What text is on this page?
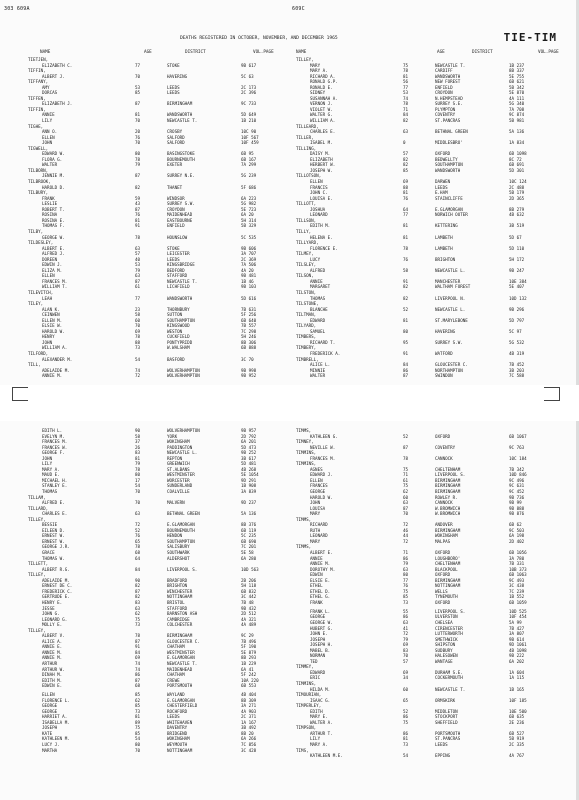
303 609A	609C
DEATHS REGISTERED IN OCTOBER, NOVEMBER, AND DECEMBER 1965	TIE-TIM
NAME	AGE	DISTRICT	VOL.PAGE	NAME	AGE	DISTRICT	VOL.PAGE
TIETJEN,
ELIZABETH C.	77	STOKE	9B 617
TIFFIN,
ALBERT J.	70	HAVERING	5C 63
TIFFANY,
AMY	53	LEEDS	2C 173
DORCAS	85	LEEDS	2C 396
TIFFEN,
ELIZABETH J.	87	BIRMINGHAM	9C 733
TIFFIN,
ANNIE	81	WANDSWORTH	5D 649
LILY	70	NEWCASTLE T.	1B 210
TIGHE,
ANN O.	20	CROSBY	10C 90
ELLEN	76	SALFORD	10F 567
JOHN	70	SALFORD	10F 459
TIGWELL,
EDWARD W.	80	BASINGSTOKE	6B 95
FLORA G.	78	BOURNEMOUTH	6B 167
WALTER	79	EXETER	7A 299
TILBORN,
JENNIE M.	87	SURREY N.E.	5G 239
TILBROOK,
HAROLD D.	82	THANET	5F 686
TILBURY,
FRANK	59	WINDSOR	6A 223
LESLIE	43	SURREY S.W.	5G 982
ROBERT T.	87	CROYDON	5E 723
ROSINA	76	MAIDENHEAD	6A 20
ROSINA E.	81	EASTBOURNE	5H 314
THOMAS F.	91	ENFIELD	5B 329
TILBY,
GEORGE W.	78	HOUNSLOW	5C 535
TILDESLEY,
ALBERT E.	63	STOKE	9B 606
ALFRED J.	57	LEICESTER	3A 707
DOREEN	40	LEEDS	2C 369
EDWIN J.	53	KINGSBRIDGE	7A 506
ELIZA M.	79	BEDFORD	4A 20
ELLEN	63	STAFFORD	9B 481
FRANCES M.	87	NEWCASTLE T.	1B 46
WILLIAM T.	61	LICHFIELD	9B 103
TILEVITCH,
LEAH	77	WANDSWORTH	5D 616
TILEY,
ALAN K.	23	THORNBURY	7B 631
CEINWEN	58	SUTTON	5F 256
ELLEN M.	60	SOUTHAMPTON	6B 640
ELSIE W.	70	KINGSWOOD	7B 557
HAROLD W.	69	WESTON	7C 298
HENRY	78	CUCKFIELD	5H 246
JOHN	88	PONTYPRIDD	8B 306
WILLIAM A.	73	W.WALSHAM	6B 888
TILFORD,
ALEXANDER M.	54	BASFORD	3C 70
TILL,
ADELAIDE M.	74	WOLVERHAMPTON	9B 998
ANNIE M.	72	WOLVERHAMPTON	9B 952
TILLEY,
MARY	75	NEWCASTLE T.	1B 237
MARY A.	78	CARDIFF	8B 337
RICHARD A.	81	WANDSWORTH	5E 755
RONALD G.P.	56	NEW FOREST	6B 621
RONALD E.	77	ENFIELD	5B 342
SIDNEY	53	CROYDON	5E 870
SUSANNAH A.	74	N.HEMPSTEAD	4A 111
VERNON J.	78	SURREY S.E.	5G 340
VIOLET W.	71	PLYMPTON	7A 708
WALTER G.	84	COVENTRY	9C 874
WILLIAM A.	82	ST.PANCRAS	5B 981
TILLEARD,
CHARLES E.	63	BETHNAL GREEN	5A 136
TILLER,
ISABEL M.	0	MIDDLESBRO'	1A 834
TILLING,
DAISY M.	57	OXFORD	6B 1098
ELIZABETH	82	BEDWELLTY	8C 72
HERBERT W.	82	SOUTHAMPTON	6B 691
JOSEPH W.	85	WANDSWORTH	5D 301
TILLOTSON,
ELLEN	69	DARWEN	10C 124
FRANCIS	88	LEEDS	2C 488
JOHN C.	81	E.HAM	5B 179
LOUISA E.	76	STAINCLIFFE	2D 365
TILLOTT,
JOSHUA	64	E.GLAMORGAN	8B 279
LEONARD	77	NORWICH OUTER	4B 632
TILLSON,
EDITH M.	81	KETTERING	3B 519
TILLY,
HELENA E.	81	LAMBETH	5D 67
TILLYARD,
FLORENCE E.	78	LAMBETH	5D 110
TILMEY,
LUCY	76	BRIGHTON	5H 172
TILSLEY,
ALFRED	58	NEWCASTLE L.	9B 247
TILSON,
ANNIE	91	MANCHESTER	10E 384
MARGARET	82	WALTHAM FOREST	5E 407
TILSTON,
THOMAS	82	LIVERPOOL N.	10D 132
TILSTONE,
BLANCHE	52	NEWCASTLE L.	9B 296
TILTMAN,
EDWARD	81	ST.MARYLEBONE	5D 797
TILYARD,
SAMUEL	80	HAVERING	5C 97
TIMBERS,
RICHARD T.	95	SURREY S.W.	5G 532
TIMBERY,
FREDERICK A.	91	WATFORD	4B 319
TIMBRELL,
ALICE L.	84	GLOUCESTER C.	7B 452
MINNIE	86	NORTHAMPTON	3B 203
WALTER	87	SWINDON	7C 588
EDITH L.	90	WOLVERHAMPTON	9B 957
EVELYN M.	58	YORK	2D 792
FRANCES M.	37	WOKINGHAM	6A 201
FRANCES W.	26	PADDINGTON	5D 473
GEORGE F.	83	NEWCASTLE L.	9B 252
JOHN	81	REPTON	3B 617
LILY	79	GREENWICH	5D 481
MARY A.	78	ST.ALBANS	4B 268
MAUD E.	80	WESTMINSTER	5E 1054
MICHAEL H.	17	WORCESTER	9D 291
STANLEY E.	54	SUNDERLAND	1B 908
THOMAS	70	COALVILLE	3A 839
TILLAM,
ALFRED E.	70	MALVERN	9D 237
TILLARD,
CHARLES E.	63	BETHNAL GREEN	5A 136
TILLEY,
BESSIE	72	E.GLAMORGAN	8B 376
EILEEN D.	52	BOURNEMOUTH	6B 119
ERNEST W.	76	HENDON	5C 235
ERNEST W.	65	SOUTHAMPTON	6B 690
GEORGE J.R.	78	SALISBURY	7C 201
GRACE	68	SOUTHWARK	5E 58
THOMAS W.	64	ALDERSHOT	6A 280
TILLETT,
ALBERT R.G.	84	LIVERPOOL S.	10D 563
TILLEY,
ADELAIDE M.	90	BRADFORD	2B 206
ERNEST DE C.	82	BRIGHTON	5H 118
FREDERICK C.	87	WINCHESTER	6B 832
GERTRUDE E.	82	NOTTINGHAM	3C 442
HENRY E.	83	BRISTOL	7B 48
JESSE	63	STAFFORD	9B 432
JOHN G.	62	BARNSTON ASH	2D 512
LEONARD G.	75	CAMBRIDGE	4A 321
MOLLY E.	73	COLCHESTER	4A 489
TILLEY,
ALBERT V.	78	BIRMINGHAM	9C 29
ALICE A.	87	GLOUCESTER C.	7B 496
ANNIE E.	91	CHATHAM	5F 190
ANNIE M.	84	WESTMINSTER	5E 879
ANNIE M.	69	E.GLAMORGAN	8B 293
ARTHUR	74	NEWCASTLE T.	1B 229
ARTHUR W.	74	MAIDENHEAD	6A 41
DINAH M.	86	CHATHAM	5F 242
EDITH M.	87	CREWE	10A 220
EDWIN E.	68	PORTSMOUTH	6B 553
ELLEN	85	WAYLAND	4B 404
FLORENCE L.	62	E.GLAMORGAN	8B 309
GEORGE	85	CHESTERFIELD	3A 271
GEORGE	73	ROCHFORD	4A 903
HARRIET A.	81	LEEDS	2C 371
ISABELLA M.	89	WHITEHAVEN	1A 167
JOSEPH	75	DAVENTRY	3B 492
KATE	85	BRIDGEND	8B 20
KATHLEEN M.	54	WOKINGHAM	6A 266
LUCY J.	80	WEYMOUTH	7C 856
MARTHA	70	NOTTINGHAM	3C 428
TIMMS,
KATHLEEN G.	52	OXFORD	6B 1067
TIMNEY,
NEVILLE W.	87	COVENTRY	9C 763
TIMMINS,
FRANCES M.	78	CANNOCK	10C 184
TIMMINS,
AGNES	75	CHELTENHAM	7B 342
EDWARD J.	71	LIVERPOOL S.	10D 846
ELLEN	61	BIRMINGHAM	9C 496
FRANCES	75	BIRMINGHAM	9C 631
GEORGE	62	BIRMINGHAM	9C 452
HAROLD W.	60	ROWLEY R.	9B 736
JOHN	63	CANNOCK	9B 99
LOUISA	87	W.BROMWICH	9B 888
MARY	70	W.BROMWICH	9B 876
TIMMS,
RICHARD	72	ANDOVER	6B 62
RUTH	46	BIRMINGHAM	9C 503
LEONARD	44	WOKINGHAM	6A 198
MARY	72	MALPAS	2D 402
TIMMS,
ALBERT E.	71	OXFORD	6B 1056
ANNIE	86	LOUGHBORO'	3A 780
ANNIE M.	79	CHELTENHAM	7B 331
DOROTHY M.	63	BLACKPOOL	10B 373
EDWIN	80	OXFORD	6B 1063
ELSIE E.	77	BIRMINGHAM	9C 493
ETHEL	76	NOTTINGHAM	3C 438
ETHEL D.	75	WELLS	7C 239
ETHEL G.	85	TYNEMOUTH	1B 552
FRANK	73	OXFORD	6B 1059
FRANK L.	55	LIVERPOOL S.	10D 525
GEORGE	86	ULVERSTON	10F 454
GEORGE W.	63	CHELSEA	5A 99
HUBERT G.	41	CIRENCESTER	7B 427
JOHN E.	72	LUTTERWORTH	3A 807
JOSEPH	79	SMETHWICK	9B 614
JOSEPH H.	69	SHIPSTON	9D 1061
MABEL B.	83	SUDBURY	4B 1098
NORMAN	70	HALESOWEN	9B 222
TED	57	WANTAGE	6A 202
TIMMEY,
EDWARD	69	DURHAM S.E.	1A 604
ERIC	34	COCKERMOUTH	1A 115
TIMMINS,
HILDA M.	60	NEWCASTLE T.	1B 165
TIMOURIAN,
ISAAC G.	65	ORMSKIRK	10F 185
TIMPERLEY,
EDITH	52	MIDDLETON	10E 500
MARY E.	86	STOCKPORT	6B 635
WALTER A.	75	SHEFFIELD	2E 236
TIMPSON,
ARTHUR T.	86	PORTSMOUTH	6B 527
LILY	81	ST.PANCRAS	5B 919
MARY A.	73	LEEDS	2C 335
TIMS,
KATHLEEN M.E.	54	EPPING	4A 767
